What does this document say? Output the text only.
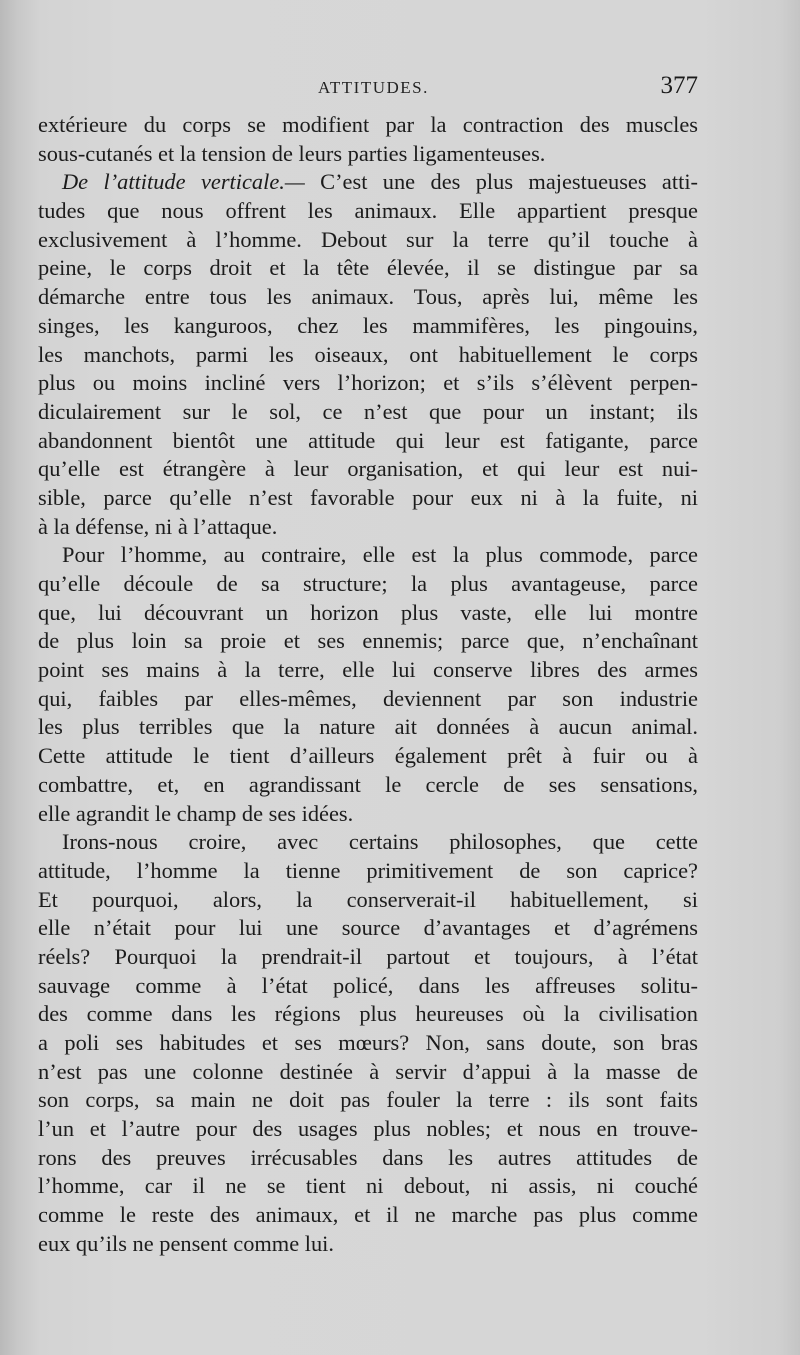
ATTITUDES.	377
extérieure du corps se modifient par la contraction des muscles
sous-cutanés et la tension de leurs parties ligamenteuses.
De l’attitude verticale.— C’est une des plus majestueuses atti-
tudes que nous offrent les animaux. Elle appartient presque
exclusivement à l’homme. Debout sur la terre qu’il touche à
peine, le corps droit et la tête élevée, il se distingue par sa
démarche entre tous les animaux. Tous, après lui, même les
singes, les kanguroos, chez les mammifères, les pingouins,
les manchots, parmi les oiseaux, ont habituellement le corps
plus ou moins incliné vers l’horizon; et s’ils s’élèvent perpen-
diculairement sur le sol, ce n’est que pour un instant; ils
abandonnent bientôt une attitude qui leur est fatigante, parce
qu’elle est étrangère à leur organisation, et qui leur est nui-
sible, parce qu’elle n’est favorable pour eux ni à la fuite, ni
à la défense, ni à l’attaque.
Pour l’homme, au contraire, elle est la plus commode, parce
qu’elle découle de sa structure; la plus avantageuse, parce
que, lui découvrant un horizon plus vaste, elle lui montre
de plus loin sa proie et ses ennemis; parce que, n’enchaînant
point ses mains à la terre, elle lui conserve libres des armes
qui, faibles par elles-mêmes, deviennent par son industrie
les plus terribles que la nature ait données à aucun animal.
Cette attitude le tient d’ailleurs également prêt à fuir ou à
combattre, et, en agrandissant le cercle de ses sensations,
elle agrandit le champ de ses idées.
Irons-nous croire, avec certains philosophes, que cette
attitude, l’homme la tienne primitivement de son caprice?
Et pourquoi, alors, la conserverait-il habituellement, si
elle n’était pour lui une source d’avantages et d’agrémens
réels? Pourquoi la prendrait-il partout et toujours, à l’état
sauvage comme à l’état policé, dans les affreuses solitu-
des comme dans les régions plus heureuses où la civilisation
a poli ses habitudes et ses mœurs? Non, sans doute, son bras
n’est pas une colonne destinée à servir d’appui à la masse de
son corps, sa main ne doit pas fouler la terre : ils sont faits
l’un et l’autre pour des usages plus nobles; et nous en trouve-
rons des preuves irrécusables dans les autres attitudes de
l’homme, car il ne se tient ni debout, ni assis, ni couché
comme le reste des animaux, et il ne marche pas plus comme
eux qu’ils ne pensent comme lui.
